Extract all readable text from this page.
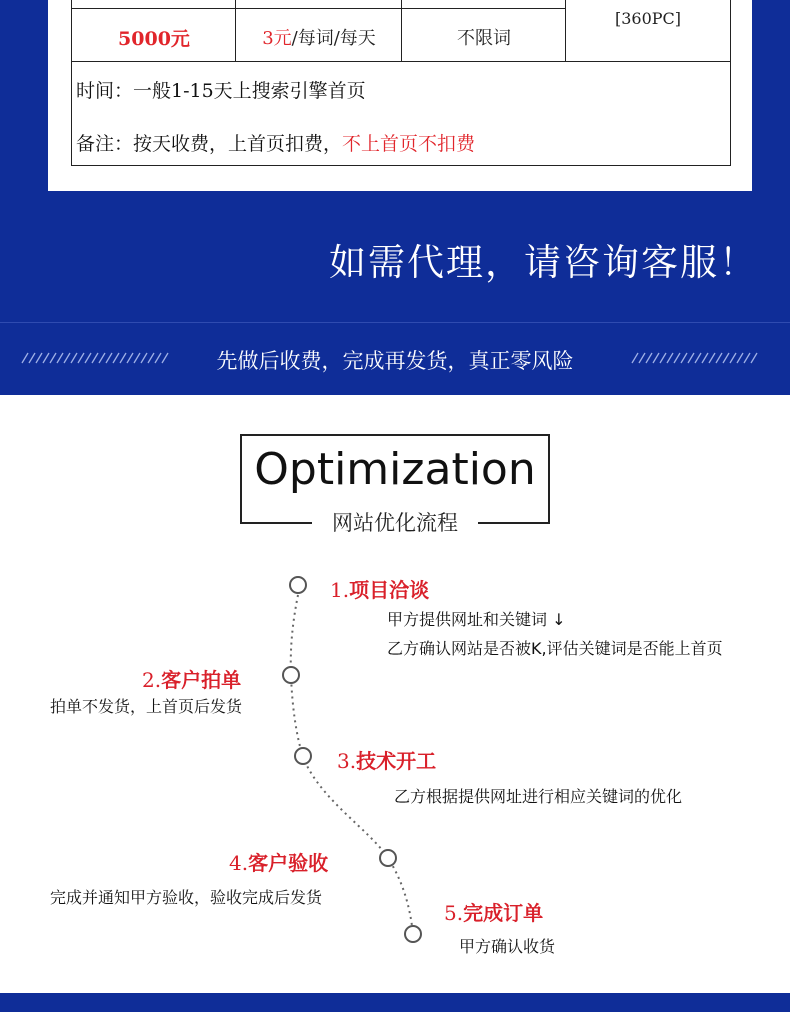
5000元	3元/每词/每天	不限词
[360PC]
时间：一般1-15天上搜索引擎首页
备注：按天收费，上首页扣费，不上首页不扣费
如需代理，请咨询客服！
先做后收费，完成再发货，真正零风险
Optimization
网站优化流程
1.项目洽谈
甲方提供网址和关键词 ↓
乙方确认网站是否被K,评估关键词是否能上首页
2.客户拍单
拍单不发货，上首页后发货
3.技术开工
乙方根据提供网址进行相应关键词的优化
4.客户验收
完成并通知甲方验收，验收完成后发货
5.完成订单
甲方确认收货
